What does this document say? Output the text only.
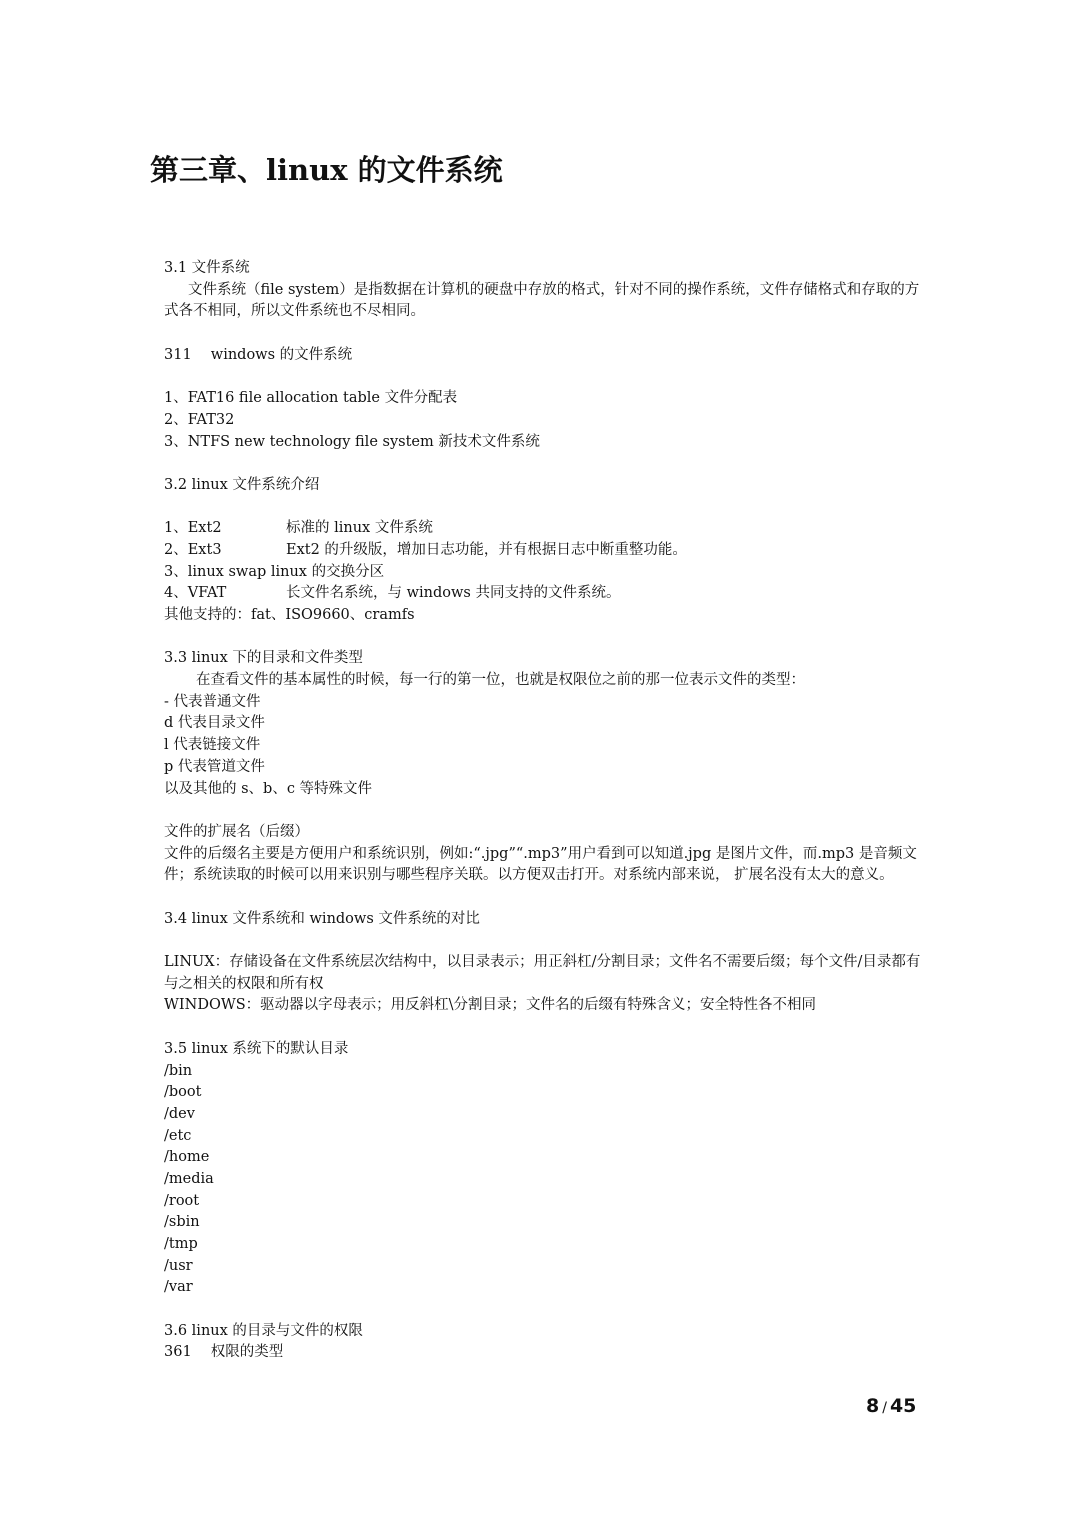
第三章、linux 的文件系统
3.1 文件系统
文件系统（file system）是指数据在计算机的硬盘中存放的格式，针对不同的操作系统，文件存储格式和存取的方式各不相同，所以文件系统也不尽相同。
311　 windows 的文件系统
1、FAT16 file allocation table 文件分配表
2、FAT32
3、NTFS new technology file system 新技术文件系统
3.2 linux 文件系统介绍
1、Ext2	标准的 linux 文件系统
2、Ext3	Ext2 的升级版，增加日志功能，并有根据日志中断重整功能。
3、linux swap linux 的交换分区
4、VFAT	长文件名系统，与 windows 共同支持的文件系统。
其他支持的：fat、ISO9660、cramfs
3.3 linux 下的目录和文件类型
在查看文件的基本属性的时候，每一行的第一位，也就是权限位之前的那一位表示文件的类型：
- 代表普通文件
d 代表目录文件
l 代表链接文件
p 代表管道文件
以及其他的 s、b、c 等特殊文件
文件的扩展名（后缀）
文件的后缀名主要是方便用户和系统识别，例如:“.jpg”“.mp3”用户看到可以知道.jpg 是图片文件，而.mp3 是音频文件；系统读取的时候可以用来识别与哪些程序关联。以方便双击打开。对系统内部来说， 扩展名没有太大的意义。
3.4 linux 文件系统和 windows 文件系统的对比
LINUX：存储设备在文件系统层次结构中，以目录表示；用正斜杠/分割目录；文件名不需要后缀；每个文件/目录都有与之相关的权限和所有权
WINDOWS：驱动器以字母表示；用反斜杠\分割目录；文件名的后缀有特殊含义；安全特性各不相同
3.5 linux 系统下的默认目录
/bin
/boot
/dev
/etc
/home
/media
/root
/sbin
/tmp
/usr
/var
3.6 linux 的目录与文件的权限
361　 权限的类型
8 / 45
